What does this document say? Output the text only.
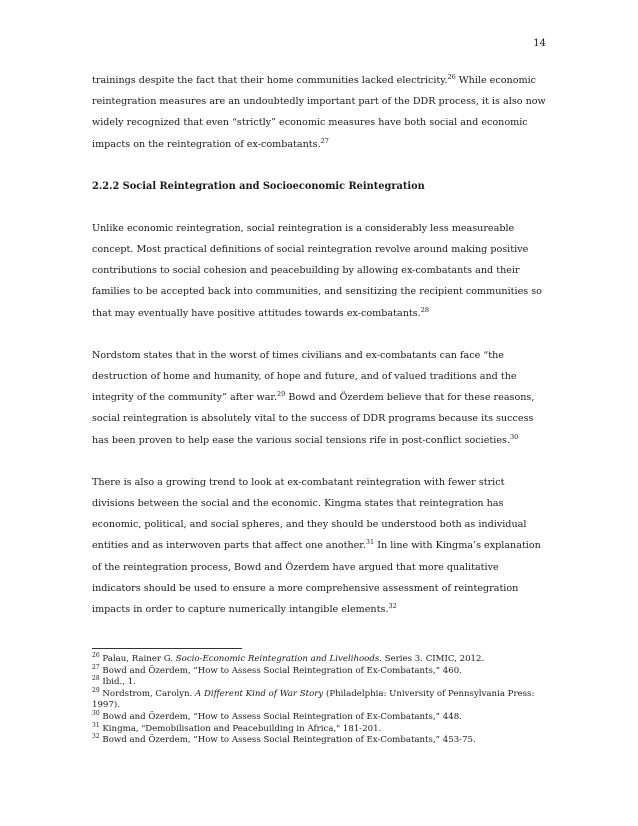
14

trainings despite the fact that their home communities lacked electricity.$^{26}$ While economic reintegration measures are an undoubtedly important part of the DDR process, it is also now widely recognized that even “strictly” economic measures have both social and economic impacts on the reintegration of ex-combatants.$^{27}$

2.2.2 Social Reintegration and Socioeconomic Reintegration

Unlike economic reintegration, social reintegration is a considerably less measureable concept. Most practical definitions of social reintegration revolve around making positive contributions to social cohesion and peacebuilding by allowing ex-combatants and their families to be accepted back into communities, and sensitizing the recipient communities so that may eventually have positive attitudes towards ex-combatants.$^{28}$

Nordstom states that in the worst of times civilians and ex-combatants can face “the destruction of home and humanity, of hope and future, and of valued traditions and the integrity of the community” after war.$^{29}$ Bowd and Özerdem believe that for these reasons, social reintegration is absolutely vital to the success of DDR programs because its success has been proven to help ease the various social tensions rife in post-conflict societies.$^{30}$

There is also a growing trend to look at ex-combatant reintegration with fewer strict divisions between the social and the economic. Kingma states that reintegration has economic, political, and social spheres, and they should be understood both as individual entities and as interwoven parts that affect one another.$^{31}$ In line with Kingma’s explanation of the reintegration process, Bowd and Özerdem have argued that more qualitative indicators should be used to ensure a more comprehensive assessment of reintegration impacts in order to capture numerically intangible elements.$^{32}$

$^{26}$ Palau, Rainer G. Socio-Economic Reintegration and Livelihoods. Series 3. CIMIC, 2012.
$^{27}$ Bowd and Özerdem, “How to Assess Social Reintegration of Ex-Combatants,” 460.
$^{28}$ Ibid., 1.
$^{29}$ Nordstrom, Carolyn. A Different Kind of War Story (Philadelphia: University of Pennsylvania Press: 1997).
$^{30}$ Bowd and Özerdem, “How to Assess Social Reintegration of Ex-Combatants,” 448.
$^{31}$ Kingma, "Demobilisation and Peacebuilding in Africa," 181-201.
$^{32}$ Bowd and Özerdem, “How to Assess Social Reintegration of Ex-Combatants,” 453-75.
